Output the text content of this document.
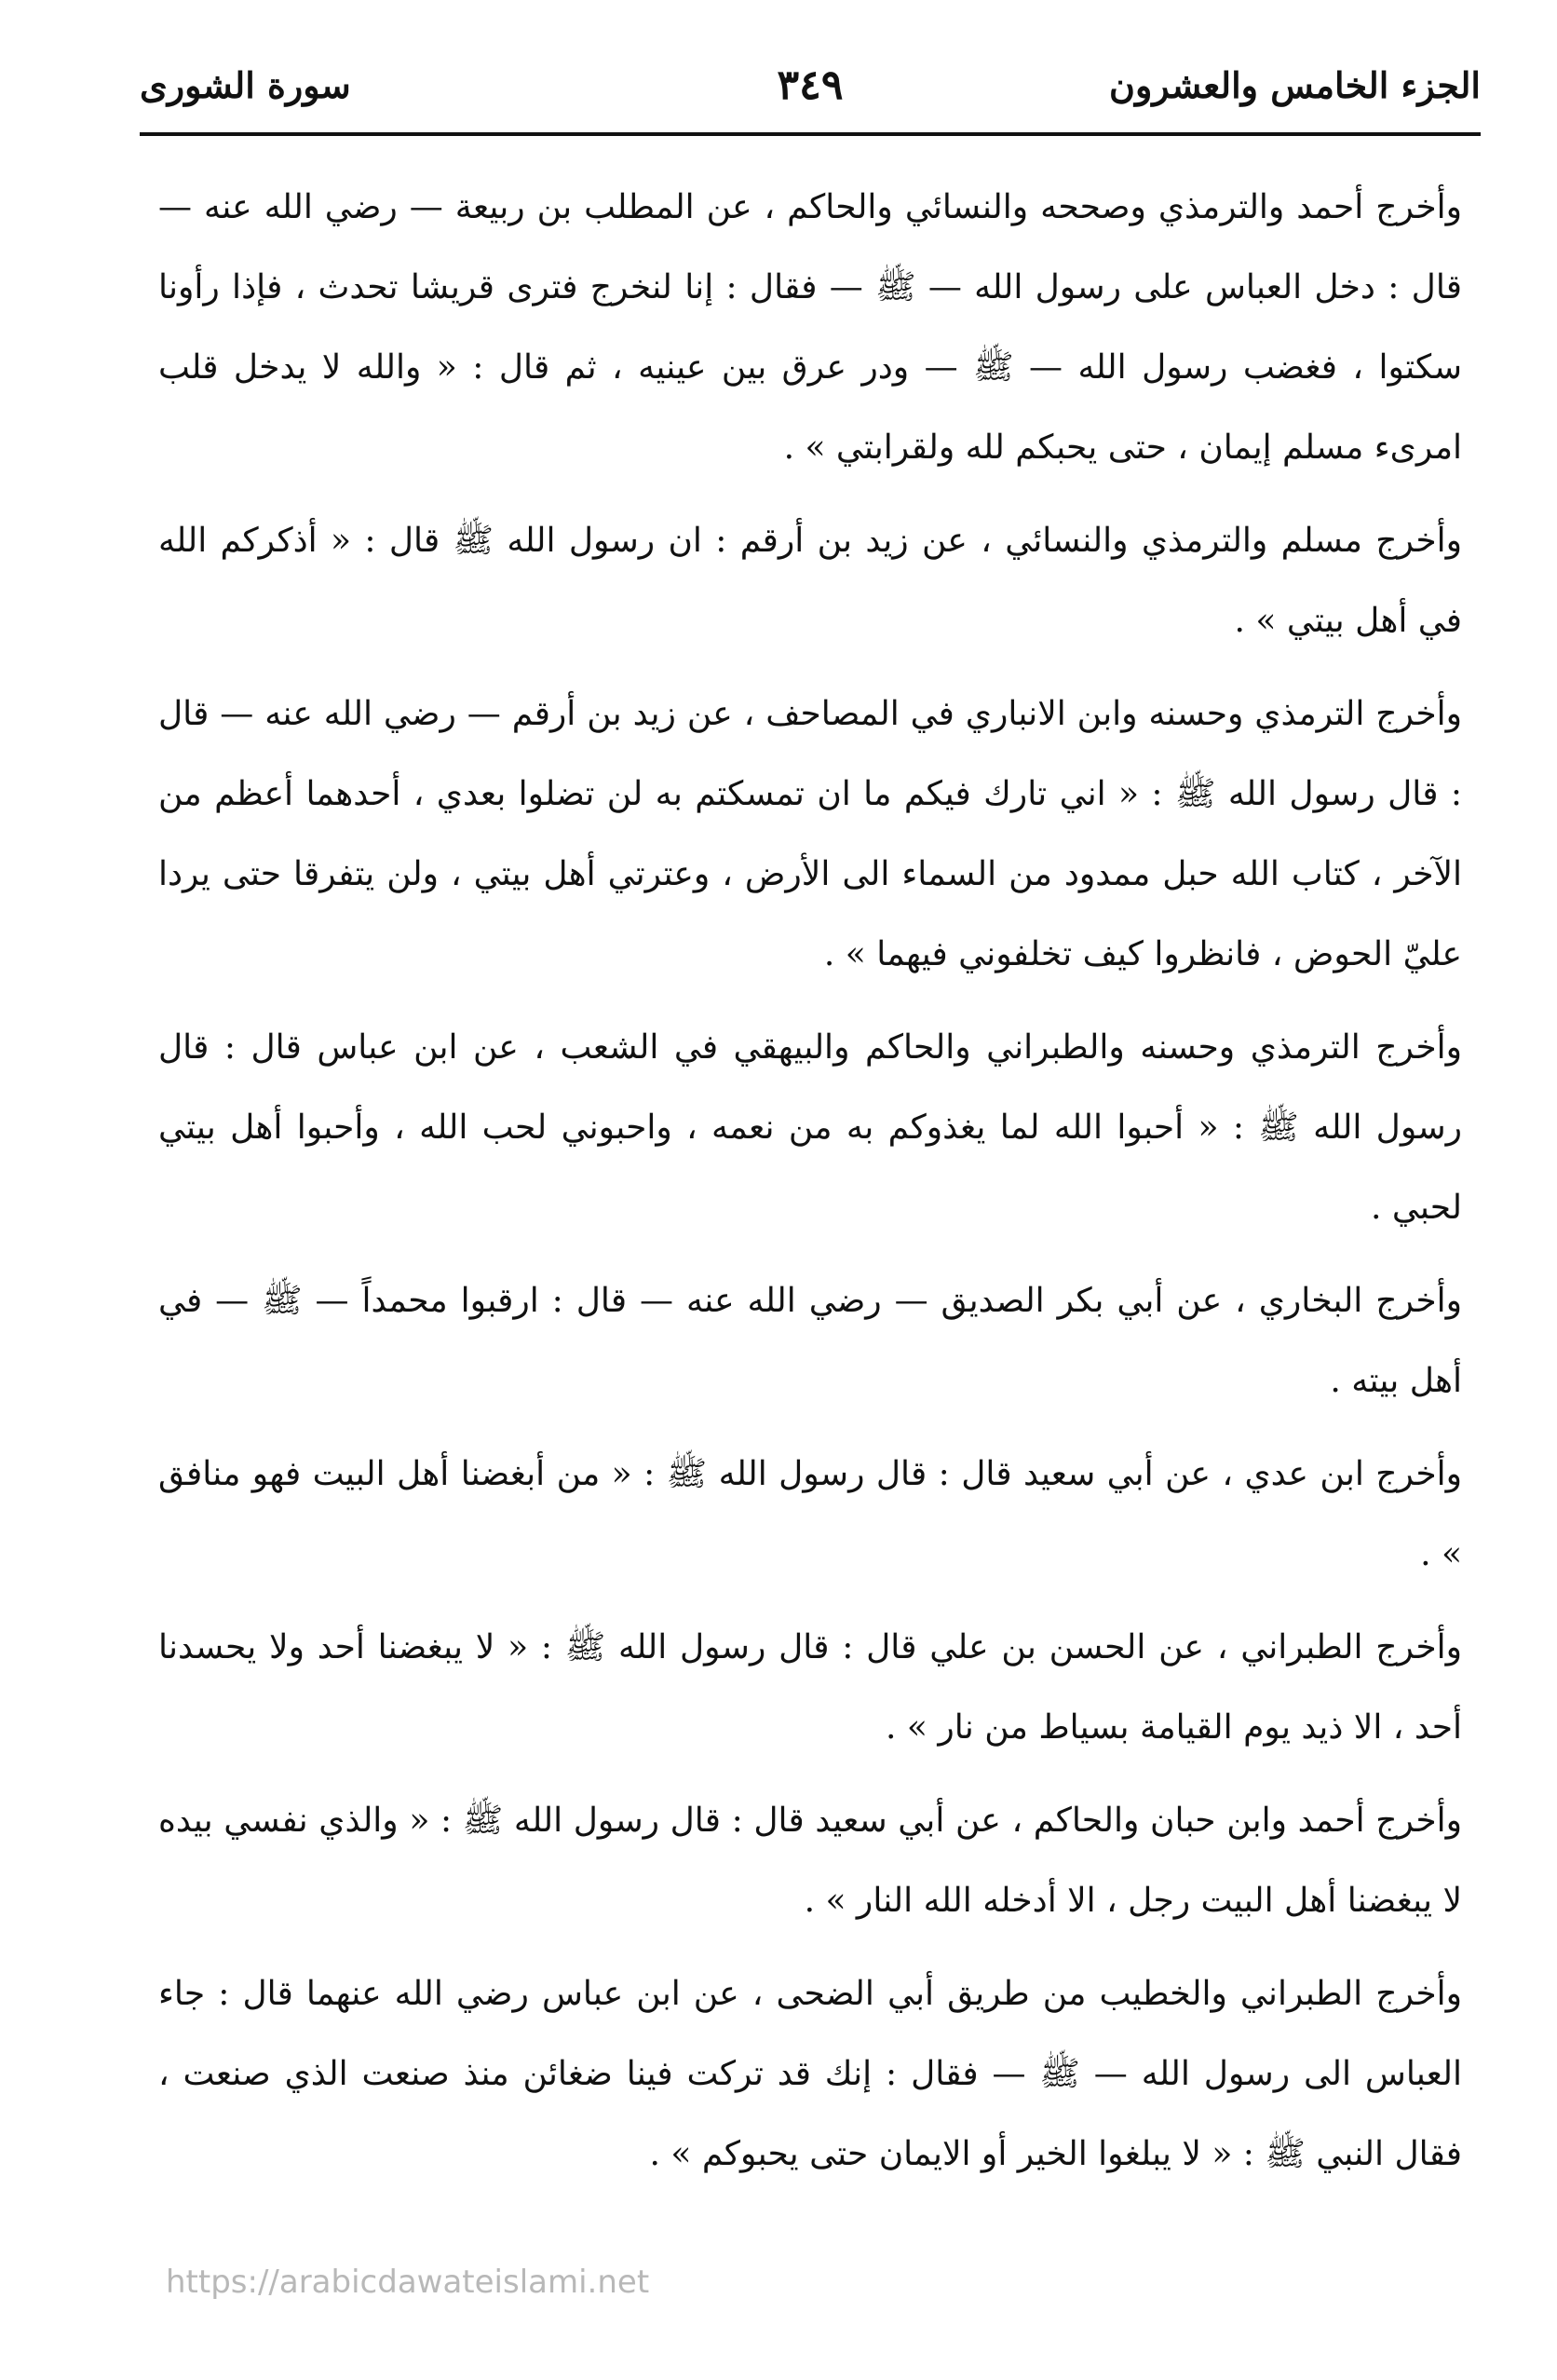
الجزء الخامس والعشرون
٣٤٩
سورة الشورى

وأخرج أحمد والترمذي وصححه والنسائي والحاكم ، عن المطلب بن ربيعة — رضي الله عنه — قال : دخل العباس على رسول الله — ﷺ — فقال : إنا لنخرج فترى قريشا تحدث ، فإذا رأونا سكتوا ، فغضب رسول الله — ﷺ — ودر عرق بين عينيه ، ثم قال : « والله لا يدخل قلب امرىء مسلم إيمان ، حتى يحبكم لله ولقرابتي » .

وأخرج مسلم والترمذي والنسائي ، عن زيد بن أرقم : ان رسول الله ﷺ قال : « أذكركم الله في أهل بيتي » .

وأخرج الترمذي وحسنه وابن الانباري في المصاحف ، عن زيد بن أرقم — رضي الله عنه — قال : قال رسول الله ﷺ : « اني تارك فيكم ما ان تمسكتم به لن تضلوا بعدي ، أحدهما أعظم من الآخر ، كتاب الله حبل ممدود من السماء الى الأرض ، وعترتي أهل بيتي ، ولن يتفرقا حتى يردا عليّ الحوض ، فانظروا كيف تخلفوني فيهما » .

وأخرج الترمذي وحسنه والطبراني والحاكم والبيهقي في الشعب ، عن ابن عباس قال : قال رسول الله ﷺ : « أحبوا الله لما يغذوكم به من نعمه ، واحبوني لحب الله ، وأحبوا أهل بيتي لحبي .

وأخرج البخاري ، عن أبي بكر الصديق — رضي الله عنه — قال : ارقبوا محمداً — ﷺ — في أهل بيته .

وأخرج ابن عدي ، عن أبي سعيد قال : قال رسول الله ﷺ : « من أبغضنا أهل البيت فهو منافق » .

وأخرج الطبراني ، عن الحسن بن علي قال : قال رسول الله ﷺ : « لا يبغضنا أحد ولا يحسدنا أحد ، الا ذيد يوم القيامة بسياط من نار » .

وأخرج أحمد وابن حبان والحاكم ، عن أبي سعيد قال : قال رسول الله ﷺ : « والذي نفسي بيده لا يبغضنا أهل البيت رجل ، الا أدخله الله النار » .

وأخرج الطبراني والخطيب من طريق أبي الضحى ، عن ابن عباس رضي الله عنهما قال : جاء العباس الى رسول الله — ﷺ — فقال : إنك قد تركت فينا ضغائن منذ صنعت الذي صنعت ، فقال النبي ﷺ : « لا يبلغوا الخير أو الايمان حتى يحبوكم » .

https://arabicdawateislami.net
